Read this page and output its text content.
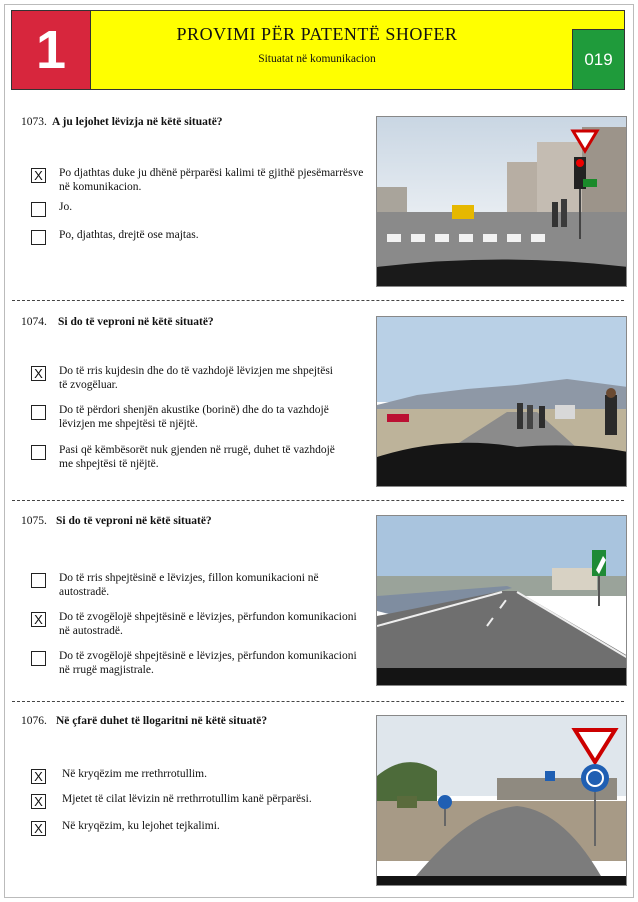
1	PROVIMI PËR PATENTË SHOFER
Situatat në komunikacion	019
1073. A ju lejohet lëvizja në këtë situatë?
X Po djathtas duke ju dhënë përparësi kalimi të gjithë pjesëmarrësve
në komunikacion.
Jo.
Po, djathtas, drejtë ose majtas.
1074. Si do të veproni në këtë situatë?
X Do të rris kujdesin dhe do të vazhdojë lëvizjen me shpejtësi
të zvogëluar.
Do të përdori shenjën akustike (borinë) dhe do ta vazhdojë
lëvizjen me shpejtësi të njëjtë.
Pasi që këmbësorët nuk gjenden në rrugë, duhet të vazhdojë
me shpejtësi të njëjtë.
1075. Si do të veproni në këtë situatë?
Do të rris shpejtësinë e lëvizjes, fillon komunikacioni në
autostradë.
X Do të zvogëlojë shpejtësinë e lëvizjes, përfundon komunikacioni
në autostradë.
Do të zvogëlojë shpejtësinë e lëvizjes, përfundon komunikacioni
në rrugë magjistrale.
1076. Në çfarë duhet të llogaritni në këtë situatë?
X Në kryqëzim me rrethrrotullim.
X Mjetet të cilat lëvizin në rrethrrotullim kanë përparësi.
X Në kryqëzim, ku lejohet tejkalimi.
